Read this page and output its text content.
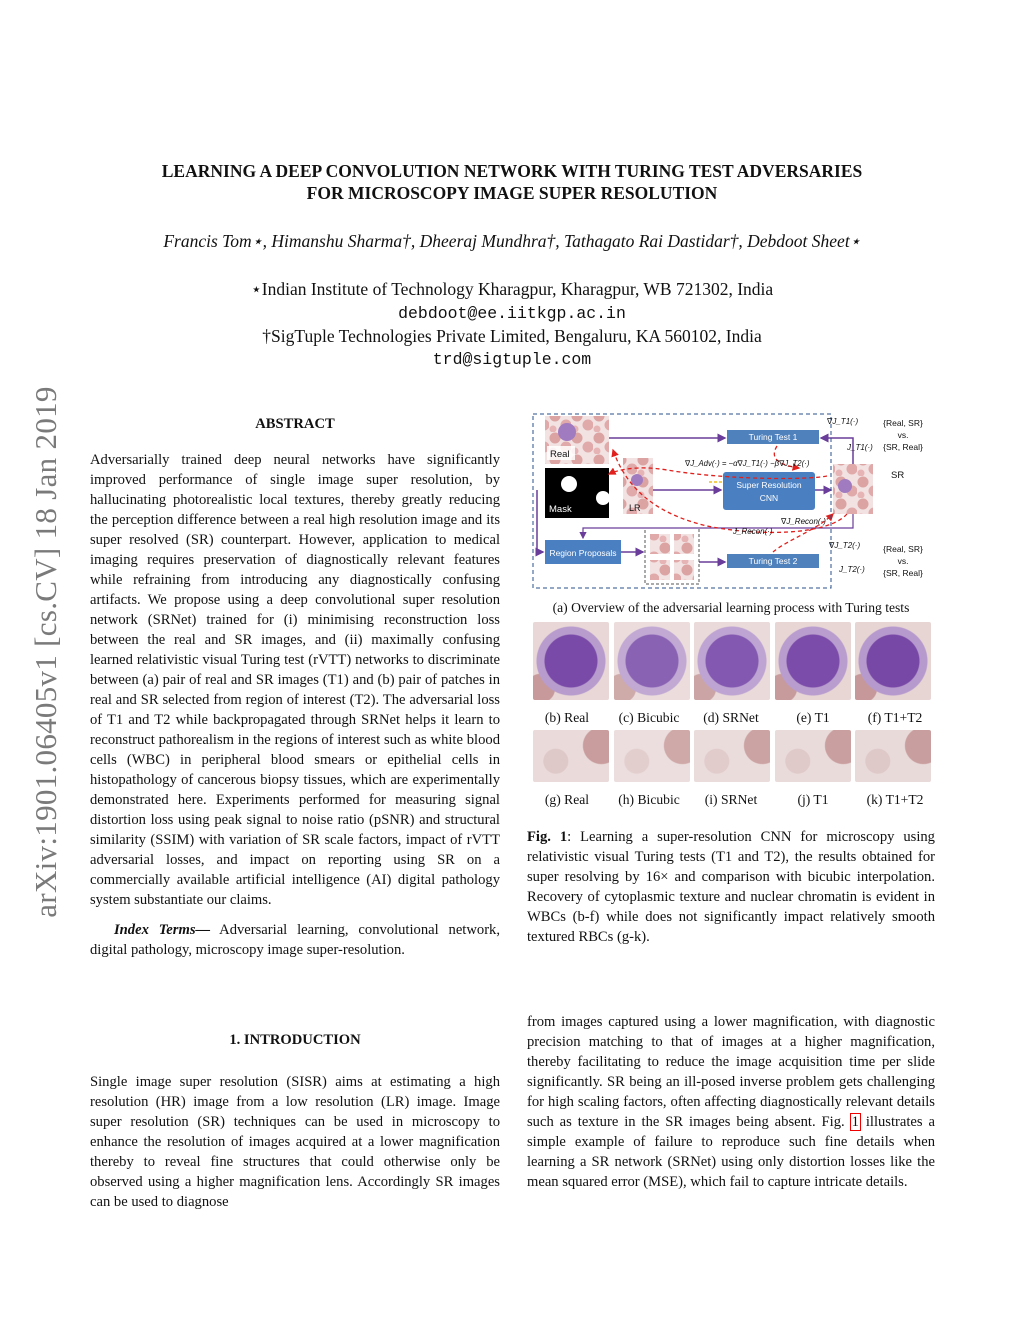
arXiv:1901.06405v1 [cs.CV] 18 Jan 2019
LEARNING A DEEP CONVOLUTION NETWORK WITH TURING TEST ADVERSARIES
FOR MICROSCOPY IMAGE SUPER RESOLUTION
Francis Tom⋆, Himanshu Sharma†, Dheeraj Mundhra†, Tathagato Rai Dastidar†, Debdoot Sheet⋆
⋆Indian Institute of Technology Kharagpur, Kharagpur, WB 721302, India
debdoot@ee.iitkgp.ac.in
†SigTuple Technologies Private Limited, Bengaluru, KA 560102, India
trd@sigtuple.com
ABSTRACT

Adversarially trained deep neural networks have significantly improved performance of single image super resolution, by hallucinating photorealistic local textures, thereby greatly reducing the perception difference between a real high resolution image and its super resolved (SR) counterpart. However, application to medical imaging requires preservation of diagnostically relevant features while refraining from introducing any diagnostically confusing artifacts. We propose using a deep convolutional super resolution network (SRNet) trained for (i) minimising reconstruction loss between the real and SR images, and (ii) maximally confusing learned relativistic visual Turing test (rVTT) networks to discriminate between (a) pair of real and SR images (T1) and (b) pair of patches in real and SR selected from region of interest (T2). The adversarial loss of T1 and T2 while backpropagated through SRNet helps it learn to reconstruct pathorealism in the regions of interest such as white blood cells (WBC) in peripheral blood smears or epithelial cells in histopathology of cancerous biopsy tissues, which are experimentally demonstrated here. Experiments performed for measuring signal distortion loss using peak signal to noise ratio (pSNR) and structural similarity (SSIM) with variation of SR scale factors, impact of rVTT adversarial losses, and impact on reporting using SR on a commercially available artificial intelligence (AI) digital pathology system substantiate our claims.

Index Terms— Adversarial learning, convolutional network, digital pathology, microscopy image super-resolution.

1. INTRODUCTION

Single image super resolution (SISR) aims at estimating a high resolution (HR) image from a low resolution (LR) image. Image super resolution (SR) techniques can be used in microscopy to enhance the resolution of images acquired at a lower magnification thereby to reveal fine structures that could otherwise only be observed using a higher magnification lens. Accordingly SR images can be used to diagnose

from images captured using a lower magnification, with diagnostic precision matching to that of images at a higher magnification, thereby facilitating to reduce the image acquisition time per slide significantly. SR being an ill-posed inverse problem gets challenging for high scaling factors, often affecting diagnostically relevant details such as texture in the SR images being absent. Fig. 1 illustrates a simple example of failure to reproduce such fine details when learning a SR network (SRNet) using only distortion losses like the mean squared error (MSE), which fail to capture intricate details.

Real
Mask	LR
SR
Turing Test 1
Super Resolution
CNN
Region Proposals
Turing Test 2
∇J_T1(·)
J_T1(·)
∇J_Adv(·) = −α∇J_T1(·) −β∇J_T2(·)
∇J_Recon(·)
J_Recon(·)
∇J_T2(·)
J_T2(·)
{Real, SR}
vs.
{SR, Real}
{Real, SR}
vs.
{SR, Real}
(a) Overview of the adversarial learning process with Turing tests
(b) Real	(c) Bicubic	(d) SRNet	(e) T1	(f) T1+T2
(g) Real	(h) Bicubic	(i) SRNet	(j) T1	(k) T1+T2

Fig. 1: Learning a super-resolution CNN for microscopy using relativistic visual Turing tests (T1 and T2), the results obtained for super resolving by 16× and comparison with bicubic interpolation. Recovery of cytoplasmic texture and nuclear chromatin is evident in WBCs (b-f) while does not significantly impact relatively smooth textured RBCs (g-k).
